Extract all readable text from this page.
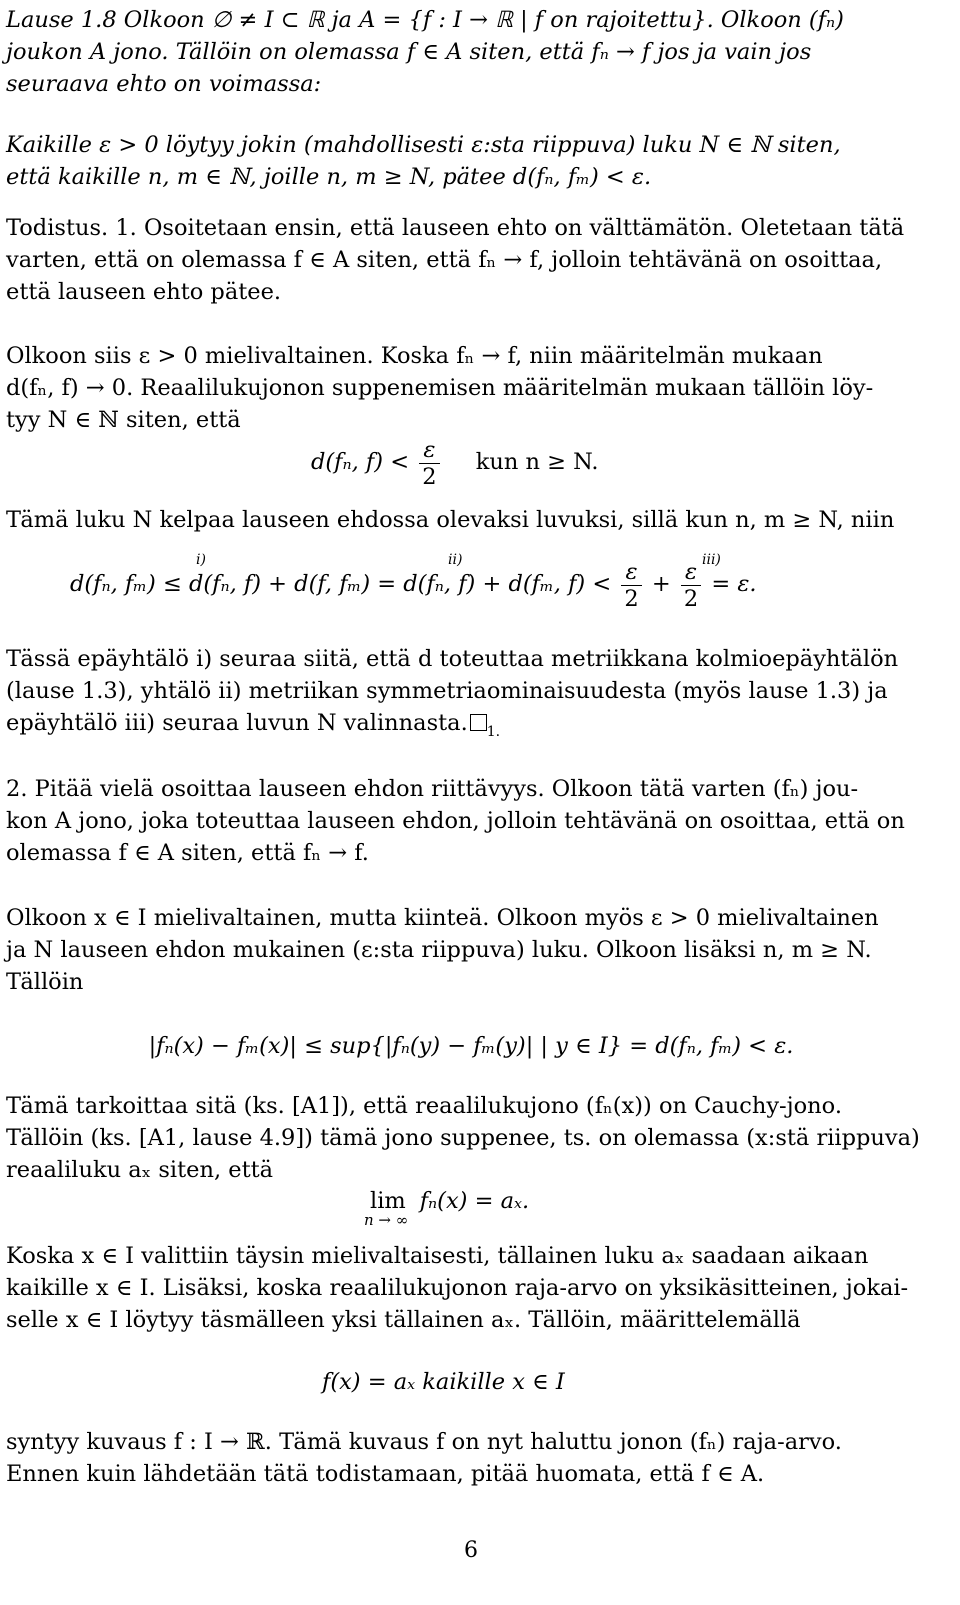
Lause 1.8 Olkoon ∅ ≠ I ⊂ ℝ ja A = {f : I → ℝ | f on rajoitettu}. Olkoon (fₙ)
joukon A jono. Tällöin on olemassa f ∈ A siten, että fₙ → f jos ja vain jos
seuraava ehto on voimassa:
Kaikille ε > 0 löytyy jokin (mahdollisesti ε:sta riippuva) luku N ∈ ℕ siten,
että kaikille n, m ∈ ℕ, joille n, m ≥ N, pätee d(fₙ, fₘ) < ε.
Todistus. 1. Osoitetaan ensin, että lauseen ehto on välttämätön. Oletetaan tätä
varten, että on olemassa f ∈ A siten, että fₙ → f, jolloin tehtävänä on osoittaa,
että lauseen ehto pätee.
Olkoon siis ε > 0 mielivaltainen. Koska fₙ → f, niin määritelmän mukaan
d(fₙ, f) → 0. Reaalilukujonon suppenemisen määritelmän mukaan tällöin löy-
tyy N ∈ ℕ siten, että
d(fₙ, $f) < \frac{\varepsilon}{2}$ kun n ≥ N.
Tämä luku N kelpaa lauseen ehdossa olevaksi luvuksi, sillä kun n, m ≥ N, niin
d(fₙ, fₘ) ≤ d(fₙ, f) + d(f, fₘ) = d(fₙ, f) + d(fₘ, $f) < \frac{\varepsilon}{2} + \frac{\varepsilon}{2} = \varepsilon$.
i)	ii)	iii)
Tässä epäyhtälö i) seuraa siitä, että d toteuttaa metriikkana kolmioepäyhtälön
(lause 1.3), yhtälö ii) metriikan symmetriaominaisuudesta (myös lause 1.3) ja
epäyhtälö iii) seuraa luvun N valinnasta. $_{1.}$
2. Pitää vielä osoittaa lauseen ehdon riittävyys. Olkoon tätä varten (fₙ) jou-
kon A jono, joka toteuttaa lauseen ehdon, jolloin tehtävänä on osoittaa, että on
olemassa f ∈ A siten, että fₙ → f.
Olkoon x ∈ I mielivaltainen, mutta kiinteä. Olkoon myös ε > 0 mielivaltainen
ja N lauseen ehdon mukainen (ε:sta riippuva) luku. Olkoon lisäksi n, m ≥ N.
Tällöin
|fₙ(x) − fₘ(x)| ≤ sup{|fₙ(y) − fₘ(y)| | y ∈ I} = d(fₙ, fₘ) < ε.
Tämä tarkoittaa sitä (ks. [A1]), että reaalilukujono (fₙ(x)) on Cauchy-jono.
Tällöin (ks. [A1, lause 4.9]) tämä jono suppenee, ts. on olemassa (x:stä riippuva)
reaaliluku aₓ siten, että
lim fₙ(x) = aₓ.
n → ∞
Koska x ∈ I valittiin täysin mielivaltaisesti, tällainen luku aₓ saadaan aikaan
kaikille x ∈ I. Lisäksi, koska reaalilukujonon raja-arvo on yksikäsitteinen, jokai-
selle x ∈ I löytyy täsmälleen yksi tällainen aₓ. Tällöin, määrittelemällä
f(x) = aₓ kaikille x ∈ I
syntyy kuvaus f : I → ℝ. Tämä kuvaus f on nyt haluttu jonon (fₙ) raja-arvo.
Ennen kuin lähdetään tätä todistamaan, pitää huomata, että f ∈ A.
6
